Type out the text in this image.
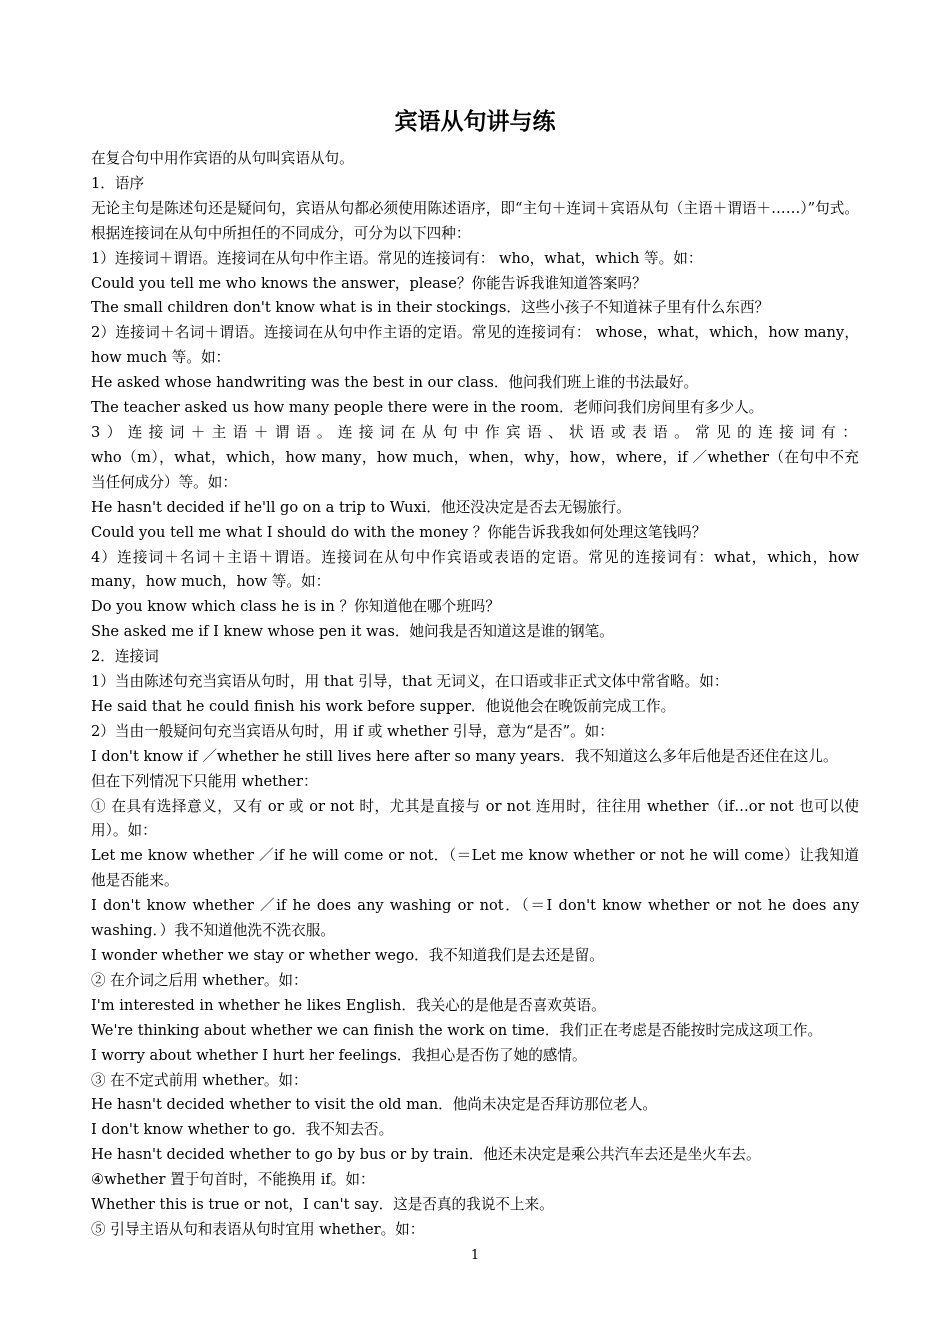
宾语从句讲与练

在复合句中用作宾语的从句叫宾语从句。

1．语序

无论主句是陈述句还是疑问句，宾语从句都必须使用陈述语序，即“主句＋连词＋宾语从句（主语＋谓语＋……）”句式。根据连接词在从句中所担任的不同成分，可分为以下四种：

1）连接词＋谓语。连接词在从句中作主语。常见的连接词有： who，what，which 等。如：

Could you tell me who knows the answer，please？你能告诉我谁知道答案吗？

The small children don't know what is in their stockings．这些小孩子不知道袜子里有什么东西？

2）连接词＋名词＋谓语。连接词在从句中作主语的定语。常见的连接词有： whose，what，which，how many，how much 等。如：

He asked whose handwriting was the best in our class．他问我们班上谁的书法最好。

The teacher asked us how many people there were in the room．老师问我们房间里有多少人。

3）连接词＋主语＋谓语。连接词在从句中作宾语、状语或表语。常见的连接词有：

who（m），what，which，how many，how much，when，why，how，where，if ／whether（在句中不充当任何成分）等。如：

He hasn't decided if he'll go on a trip to Wuxi．他还没决定是否去无锡旅行。

Could you tell me what I should do with the money ？你能告诉我我如何处理这笔钱吗？

4）连接词＋名词＋主语＋谓语。连接词在从句中作宾语或表语的定语。常见的连接词有：what，which，how many，how much，how 等。如：

Do you know which class he is in ？你知道他在哪个班吗？

She asked me if I knew whose pen it was．她问我是否知道这是谁的钢笔。

2．连接词

1）当由陈述句充当宾语从句时，用 that 引导，that 无词义，在口语或非正式文体中常省略。如：

He said that he could finish his work before supper．他说他会在晚饭前完成工作。

2）当由一般疑问句充当宾语从句时，用 if 或 whether 引导，意为“是否”。如：

I don't know if ／whether he still lives here after so many years．我不知道这么多年后他是否还住在这儿。

但在下列情况下只能用 whether：

① 在具有选择意义，又有 or 或 or not 时，尤其是直接与 or not 连用时，往往用 whether（if…or not 也可以使用）。如：

Let me know whether ／if he will come or not．（＝Let me know whether or not he will come）让我知道他是否能来。

I don't know whether ／if he does any washing or not．（＝I don't know whether or not he does any washing．）我不知道他洗不洗衣服。

I wonder whether we stay or whether wego．我不知道我们是去还是留。

② 在介词之后用 whether。如：

I'm interested in whether he likes English．我关心的是他是否喜欢英语。

We're thinking about whether we can finish the work on time．我们正在考虑是否能按时完成这项工作。

I worry about whether I hurt her feelings．我担心是否伤了她的感情。

③ 在不定式前用 whether。如：

He hasn't decided whether to visit the old man．他尚未决定是否拜访那位老人。

I don't know whether to go．我不知去否。

He hasn't decided whether to go by bus or by train．他还未决定是乘公共汽车去还是坐火车去。

④whether 置于句首时，不能换用 if。如：

Whether this is true or not，I can't say．这是否真的我说不上来。

⑤ 引导主语从句和表语从句时宜用 whether。如：

1
